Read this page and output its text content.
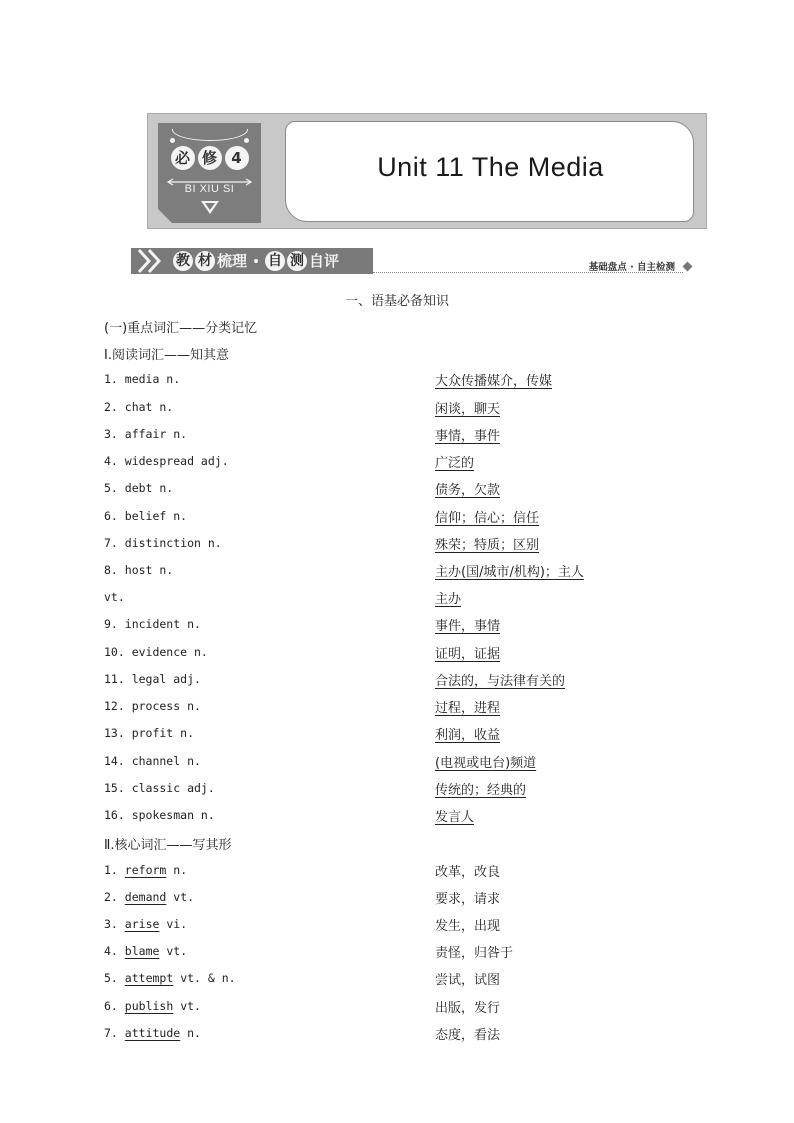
必 修 4
BI XIU SI
Unit 11 The Media
教 材 梳理 自 测 自评	基础盘点 · 自主检测
一、语基必备知识
(一)重点词汇——分类记忆
Ⅰ.阅读词汇——知其意
1. media n.	大众传播媒介，传媒
2. chat n.	闲谈，聊天
3. affair n.	事情，事件
4. widespread adj.	广泛的
5. debt n.	债务，欠款
6. belief n.	信仰；信心；信任
7. distinction n.	殊荣；特质；区别
8. host n.	主办(国/城市/机构)；主人
vt.	主办
9. incident n.	事件，事情
10. evidence n.	证明，证据
11. legal adj.	合法的，与法律有关的
12. process n.	过程，进程
13. profit n.	利润，收益
14. channel n.	(电视或电台)频道
15. classic adj.	传统的；经典的
16. spokesman n.	发言人
Ⅱ.核心词汇——写其形
1. reform n.	改革，改良
2. demand vt.	要求，请求
3. arise vi.	发生，出现
4. blame vt.	责怪，归咎于
5. attempt vt. & n.	尝试，试图
6. publish vt.	出版，发行
7. attitude n.	态度，看法
